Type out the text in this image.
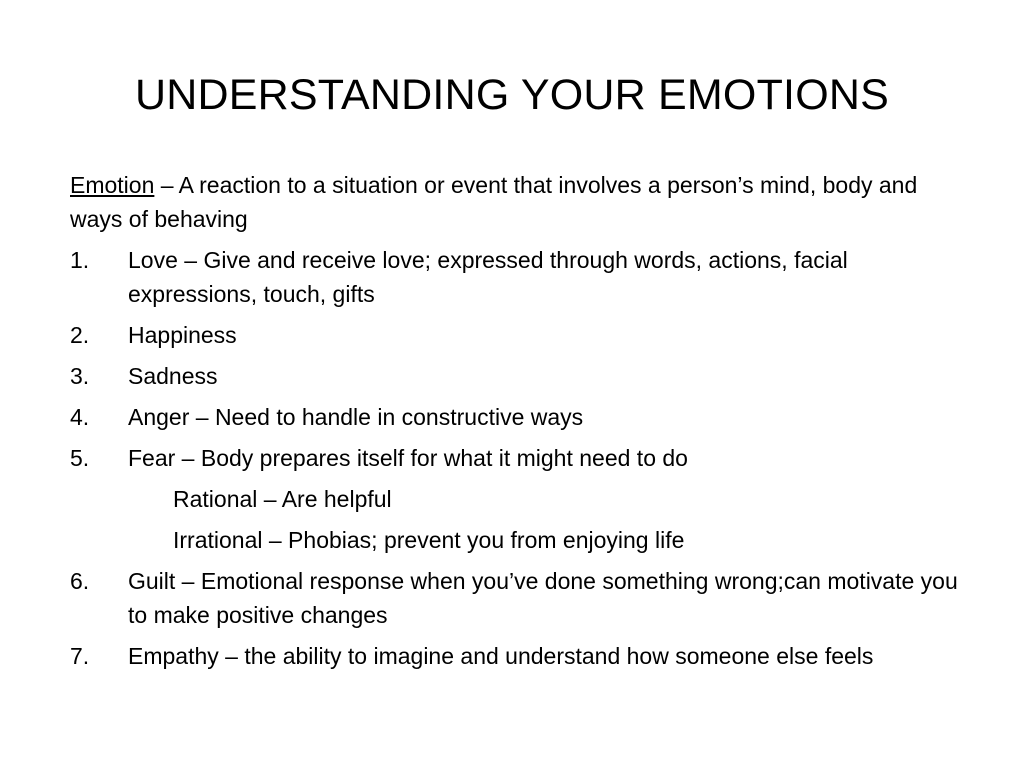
UNDERSTANDING YOUR EMOTIONS
Emotion – A reaction to a situation or event that involves a person’s mind, body and ways of behaving
1.	Love – Give and receive love; expressed through words, actions, facial expressions, touch, gifts
2.	Happiness
3.	Sadness
4.	Anger – Need to handle in constructive ways
5.	Fear – Body prepares itself for what it might need to do
Rational – Are helpful
Irrational – Phobias; prevent you from enjoying life
6.	Guilt – Emotional response when you’ve done something wrong;can motivate you to make positive changes
7.	Empathy – the ability to imagine and understand how someone else feels
